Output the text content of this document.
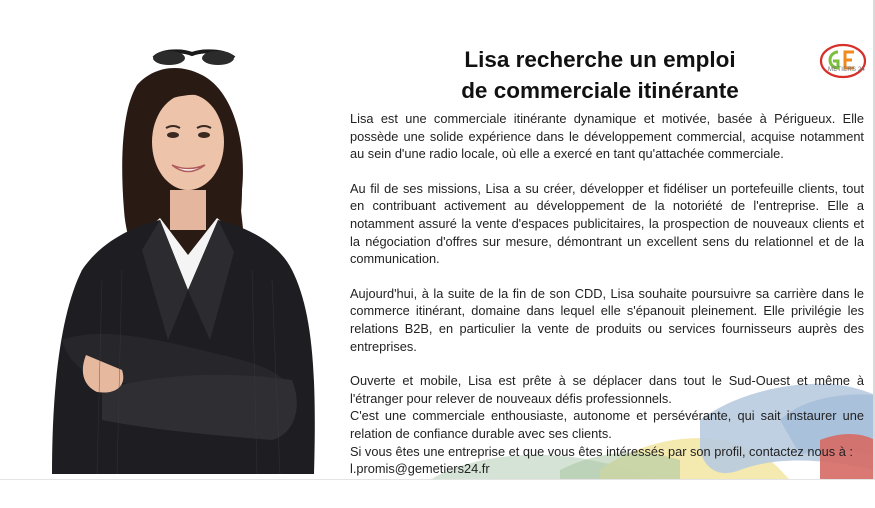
METIERS 24
Lisa recherche un emploi
de commerciale itinérante

Lisa est une commerciale itinérante dynamique et motivée, basée à Périgueux. Elle possède une solide expérience dans le développement commercial, acquise notamment au sein d'une radio locale, où elle a exercé en tant qu'attachée commerciale.

Au fil de ses missions, Lisa a su créer, développer et fidéliser un portefeuille clients, tout en contribuant activement au développement de la notoriété de l'entreprise. Elle a notamment assuré la vente d'espaces publicitaires, la prospection de nouveaux clients et la négociation d'offres sur mesure, démontrant un excellent sens du relationnel et de la communication.

Aujourd'hui, à la suite de la fin de son CDD, Lisa souhaite poursuivre sa carrière dans le commerce itinérant, domaine dans lequel elle s'épanouit pleinement. Elle privilégie les relations B2B, en particulier la vente de produits ou services fournisseurs auprès des entreprises.

Ouverte et mobile, Lisa est prête à se déplacer dans tout le Sud-Ouest et même à l'étranger pour relever de nouveaux défis professionnels.

C'est une commerciale enthousiaste, autonome et persévérante, qui sait instaurer une relation de confiance durable avec ses clients.

Si vous êtes une entreprise et que vous êtes intéressés par son profil, contactez nous à : l.promis@gemetiers24.fr
